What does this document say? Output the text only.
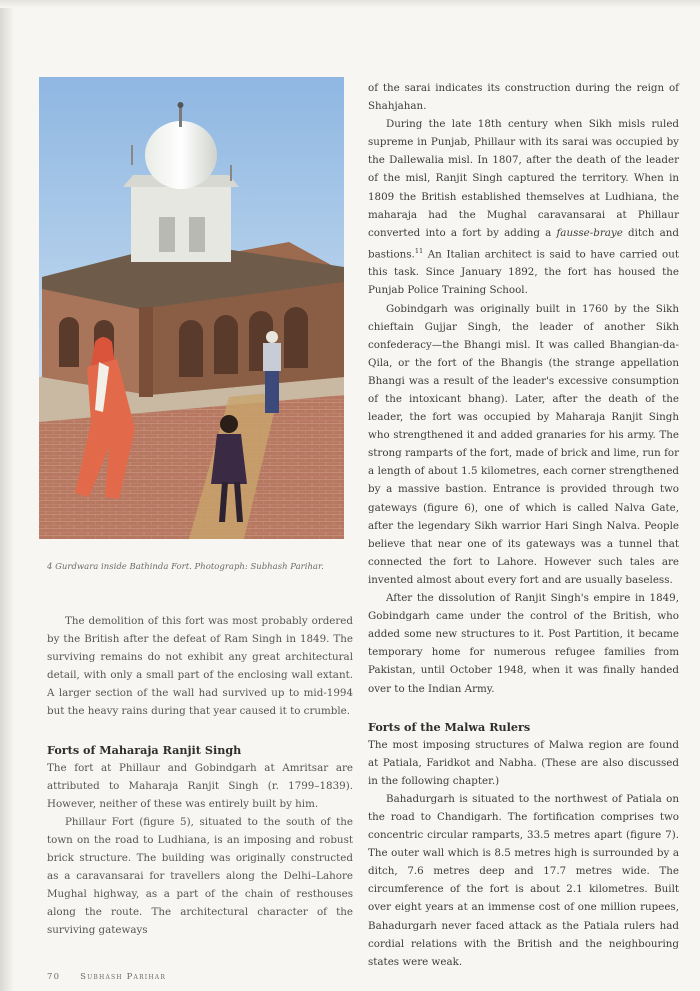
4 Gurdwara inside Bathinda Fort. Photograph: Subhash Parihar.

The demolition of this fort was most probably ordered by the British after the defeat of Ram Singh in 1849. The surviving remains do not exhibit any great architectural detail, with only a small part of the enclosing wall extant. A larger section of the wall had survived up to mid-1994 but the heavy rains during that year caused it to crumble.

Forts of Maharaja Ranjit Singh

The fort at Phillaur and Gobindgarh at Amritsar are attributed to Maharaja Ranjit Singh (r. 1799–1839). However, neither of these was entirely built by him.

Phillaur Fort (figure 5), situated to the south of the town on the road to Ludhiana, is an imposing and robust brick structure. The building was originally constructed as a caravansarai for travellers along the Delhi–Lahore Mughal highway, as a part of the chain of resthouses along the route. The architectural character of the surviving gateways

of the sarai indicates its construction during the reign of Shahjahan.

During the late 18th century when Sikh misls ruled supreme in Punjab, Phillaur with its sarai was occupied by the Dallewalia misl. In 1807, after the death of the leader of the misl, Ranjit Singh captured the territory. When in 1809 the British established themselves at Ludhiana, the maharaja had the Mughal caravansarai at Phillaur converted into a fort by adding a fausse-braye ditch and bastions.$^{11}$ An Italian architect is said to have carried out this task. Since January 1892, the fort has housed the Punjab Police Training School.

Gobindgarh was originally built in 1760 by the Sikh chieftain Gujjar Singh, the leader of another Sikh confederacy—the Bhangi misl. It was called Bhangian-da-Qila, or the fort of the Bhangis (the strange appellation Bhangi was a result of the leader's excessive consumption of the intoxicant bhang). Later, after the death of the leader, the fort was occupied by Maharaja Ranjit Singh who strengthened it and added granaries for his army. The strong ramparts of the fort, made of brick and lime, run for a length of about 1.5 kilometres, each corner strengthened by a massive bastion. Entrance is provided through two gateways (figure 6), one of which is called Nalva Gate, after the legendary Sikh warrior Hari Singh Nalva. People believe that near one of its gateways was a tunnel that connected the fort to Lahore. However such tales are invented almost about every fort and are usually baseless.

After the dissolution of Ranjit Singh's empire in 1849, Gobindgarh came under the control of the British, who added some new structures to it. Post Partition, it became temporary home for numerous refugee families from Pakistan, until October 1948, when it was finally handed over to the Indian Army.

Forts of the Malwa Rulers

The most imposing structures of Malwa region are found at Patiala, Faridkot and Nabha. (These are also discussed in the following chapter.)

Bahadurgarh is situated to the northwest of Patiala on the road to Chandigarh. The fortification comprises two concentric circular ramparts, 33.5 metres apart (figure 7). The outer wall which is 8.5 metres high is surrounded by a ditch, 7.6 metres deep and 17.7 metres wide. The circumference of the fort is about 2.1 kilometres. Built over eight years at an immense cost of one million rupees, Bahadurgarh never faced attack as the Patiala rulers had cordial relations with the British and the neighbouring states were weak.

70 Subhash Parihar
